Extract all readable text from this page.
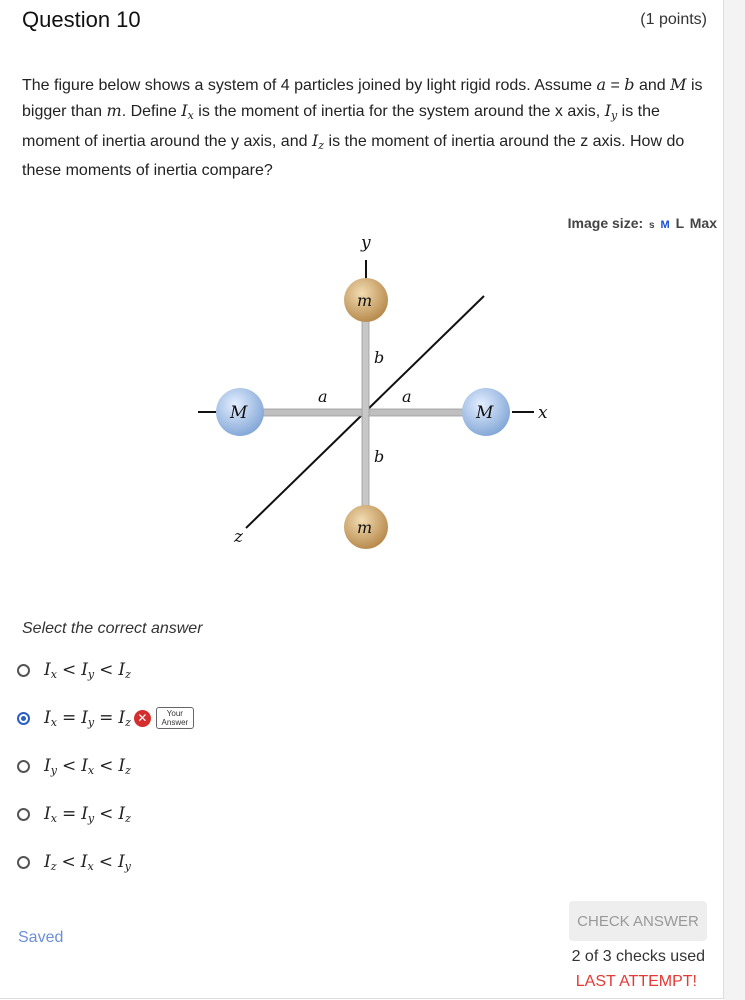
Question 10	(1 points)
The figure below shows a system of 4 particles joined by light rigid rods. Assume a = b and M is bigger than m. Define $I_x$ is the moment of inertia for the system around the x axis, $I_y$ is the moment of inertia around the y axis, and $I_z$ is the moment of inertia around the z axis. How do these moments of inertia compare?
Image size: s M L Max
y
x
z
m
m
M	M
b
b
a	a
Select the correct answer
$I_x < I_y < I_z$
$I_x = I_y = I_z$ ✕	Your
Answer
$I_y < I_x < I_z$
$I_x = I_y < I_z$
$I_z < I_x < I_y$
Saved
CHECK ANSWER
2 of 3 checks used
LAST ATTEMPT!
